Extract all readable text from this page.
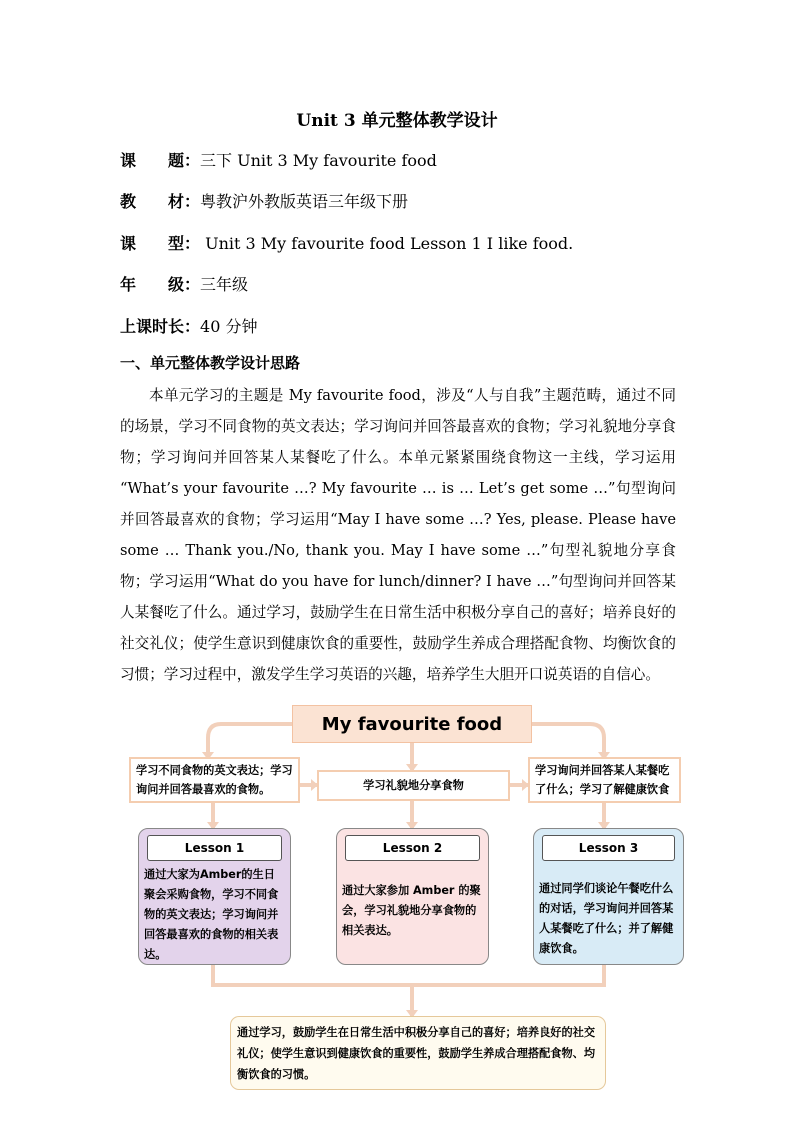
Unit 3 单元整体教学设计
课　　题：三下 Unit 3 My favourite food
教　　材：粤教沪外教版英语三年级下册
课　　型： Unit 3 My favourite food Lesson 1 I like food.
年　　级：三年级
上课时长：40 分钟
一、单元整体教学设计思路

本单元学习的主题是 My favourite food，涉及“人与自我”主题范畴，通过不同的场景，学习不同食物的英文表达；学习询问并回答最喜欢的食物；学习礼貌地分享食物；学习询问并回答某人某餐吃了什么。本单元紧紧围绕食物这一主线，学习运用 “What’s your favourite …? My favourite … is … Let’s get some …”句型询问并回答最喜欢的食物；学习运用“May I have some …? Yes, please. Please have some … Thank you./No, thank you. May I have some …”句型礼貌地分享食物；学习运用“What do you have for lunch/dinner? I have …”句型询问并回答某人某餐吃了什么。通过学习，鼓励学生在日常生活中积极分享自己的喜好；培养良好的社交礼仪；使学生意识到健康饮食的重要性，鼓励学生养成合理搭配食物、均衡饮食的习惯；学习过程中，激发学生学习英语的兴趣，培养学生大胆开口说英语的自信心。

My favourite food
学习不同食物的英文表达；学习询问并回答最喜欢的食物。	学习礼貌地分享食物
学习询问并回答某人某餐吃了什么；学习了解健康饮食
Lesson 1
通过大家为Amber的生日聚会采购食物，学习不同食物的英文表达；学习询问并回答最喜欢的食物的相关表达。
Lesson 2
通过大家参加 Amber 的聚会，学习礼貌地分享食物的相关表达。
Lesson 3
通过同学们谈论午餐吃什么的对话，学习询问并回答某人某餐吃了什么；并了解健康饮食。
通过学习，鼓励学生在日常生活中积极分享自己的喜好；培养良好的社交礼仪；使学生意识到健康饮食的重要性，鼓励学生养成合理搭配食物、均衡饮食的习惯。
